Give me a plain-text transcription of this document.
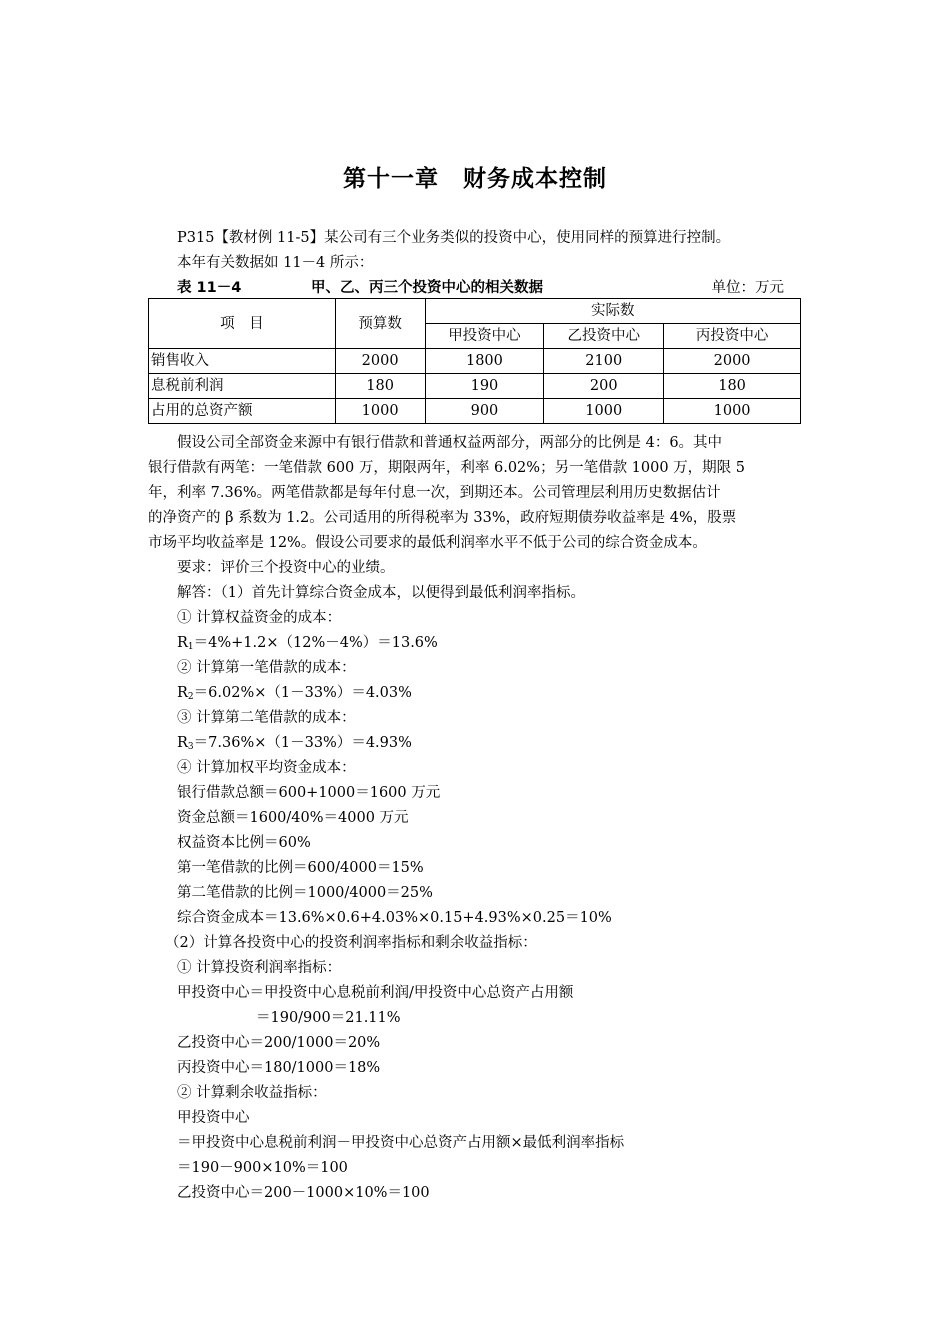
第十一章　财务成本控制
P315【教材例 11-5】某公司有三个业务类似的投资中心，使用同样的预算进行控制。
本年有关数据如 11－4 所示：
表 11－4	甲、乙、丙三个投资中心的相关数据	单位：万元
项　目	预算数	实际数		
		甲投资中心	乙投资中心	丙投资中心
销售收入	2000	1800	2100	2000
息税前利润	180	190	200	180
占用的总资产额	1000	900	1000	1000
假设公司全部资金来源中有银行借款和普通权益两部分，两部分的比例是 4：6。其中
银行借款有两笔：一笔借款 600 万，期限两年，利率 6.02%；另一笔借款 1000 万，期限 5
年，利率 7.36%。两笔借款都是每年付息一次，到期还本。公司管理层利用历史数据估计
的净资产的 β 系数为 1.2。公司适用的所得税率为 33%，政府短期债券收益率是 4%，股票
市场平均收益率是 12%。假设公司要求的最低利润率水平不低于公司的综合资金成本。
要求：评价三个投资中心的业绩。
解答：（1）首先计算综合资金成本，以便得到最低利润率指标。
① 计算权益资金的成本：
$R_1=4\%+1.2\times(12\%-4\%)=13.6\%$
② 计算第一笔借款的成本：
$R_2=6.02\%\times(1-33\%)=4.03\%$
③ 计算第二笔借款的成本：
$R_3=7.36\%\times(1-33\%)=4.93\%$
④ 计算加权平均资金成本：
银行借款总额＝600+1000＝1600 万元
资金总额＝1600/40%＝4000 万元
权益资本比例＝60%
第一笔借款的比例＝600/4000＝15%
第二笔借款的比例＝1000/4000＝25%
综合资金成本＝13.6%×0.6+4.03%×0.15+4.93%×0.25＝10%
（2）计算各投资中心的投资利润率指标和剩余收益指标：
① 计算投资利润率指标：
甲投资中心＝甲投资中心息税前利润/甲投资中心总资产占用额
＝190/900＝21.11%
乙投资中心＝200/1000＝20%
丙投资中心＝180/1000＝18%
② 计算剩余收益指标：
甲投资中心
＝甲投资中心息税前利润－甲投资中心总资产占用额×最低利润率指标
＝190－900×10%＝100
乙投资中心＝200－1000×10%＝100
